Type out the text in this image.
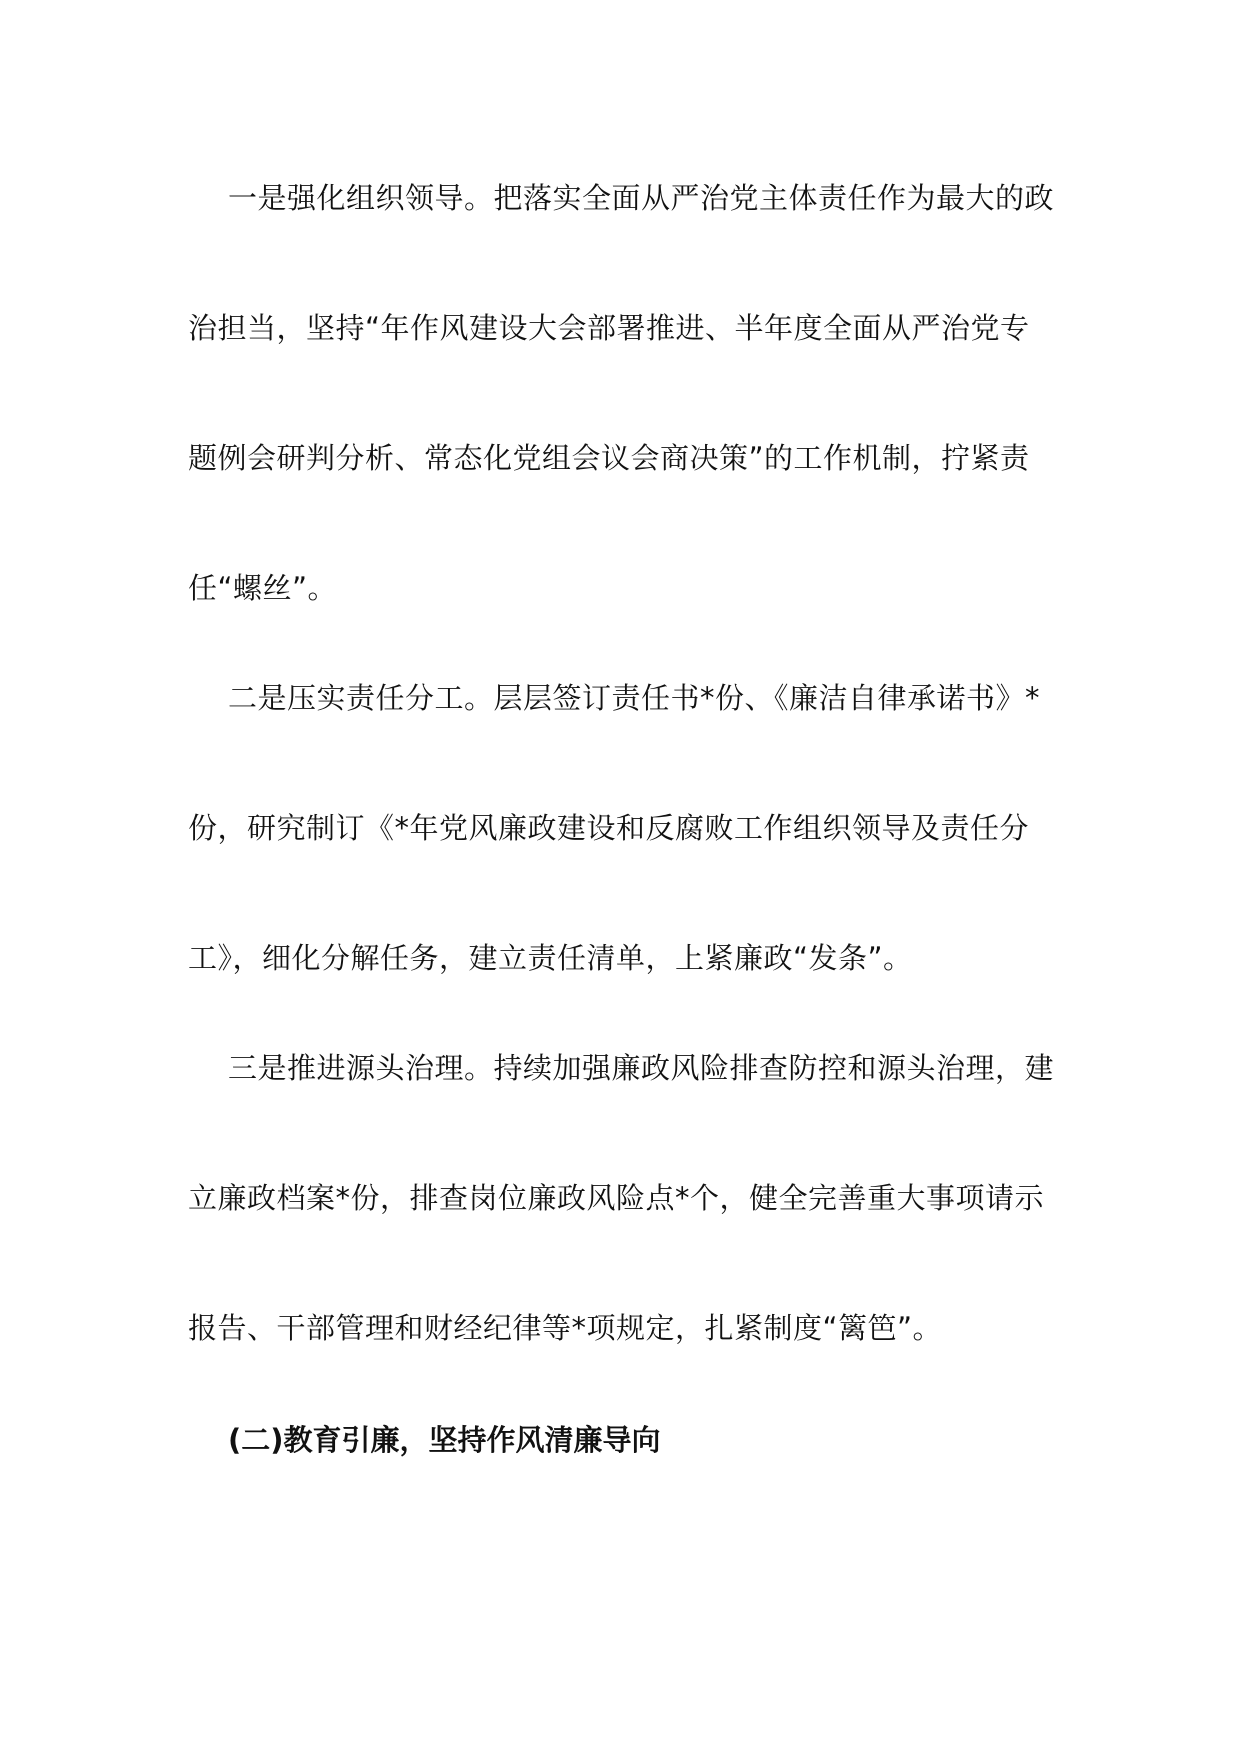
一是强化组织领导。把落实全面从严治党主体责任作为最大的政

治担当，坚持“年作风建设大会部署推进、半年度全面从严治党专

题例会研判分析、常态化党组会议会商决策”的工作机制，拧紧责

任“螺丝”。

二是压实责任分工。层层签订责任书*份、《廉洁自律承诺书》*

份，研究制订《*年党风廉政建设和反腐败工作组织领导及责任分

工》，细化分解任务，建立责任清单，上紧廉政“发条”。

三是推进源头治理。持续加强廉政风险排查防控和源头治理，建

立廉政档案*份，排查岗位廉政风险点*个，健全完善重大事项请示

报告、干部管理和财经纪律等*项规定，扎紧制度“篱笆”。

(二)教育引廉，坚持作风清廉导向
